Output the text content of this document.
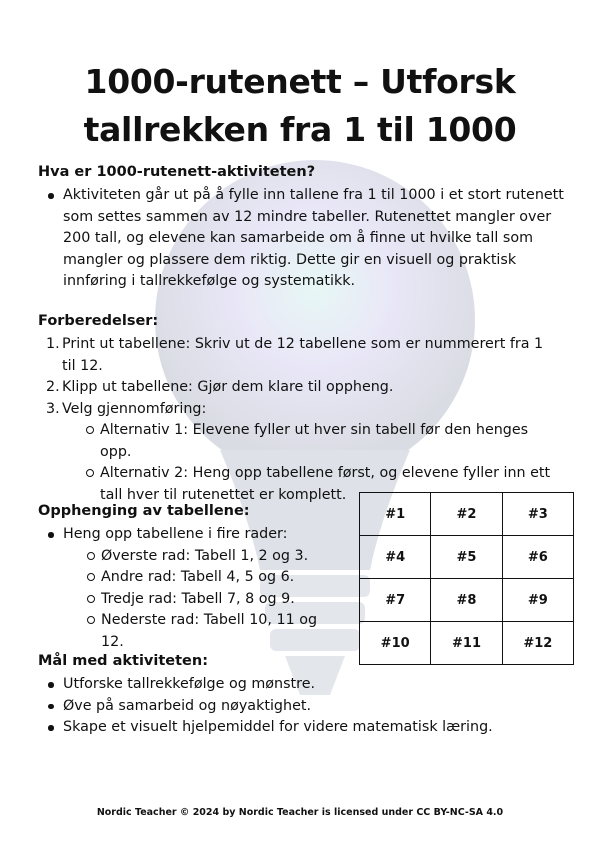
1000-rutenett – Utforsk
tallrekken fra 1 til 1000
Hva er 1000-rutenett-aktiviteten?
Aktiviteten går ut på å fylle inn tallene fra 1 til 1000 i et stort rutenett som settes sammen av 12 mindre tabeller. Rutenettet mangler over 200 tall, og elevene kan samarbeide om å finne ut hvilke tall som mangler og plassere dem riktig. Dette gir en visuell og praktisk innføring i tallrekkefølge og systematikk.
Forberedelser:
1. Print ut tabellene: Skriv ut de 12 tabellene som er nummerert fra 1 til 12.
2. Klipp ut tabellene: Gjør dem klare til oppheng.
3. Velg gjennomføring:
Alternativ 1: Elevene fyller ut hver sin tabell før den henges opp.
Alternativ 2: Heng opp tabellene først, og elevene fyller inn ett tall hver til rutenettet er komplett.
Opphenging av tabellene:
Heng opp tabellene i fire rader:
Øverste rad: Tabell 1, 2 og 3.
Andre rad: Tabell 4, 5 og 6.
Tredje rad: Tabell 7, 8 og 9.
Nederste rad: Tabell 10, 11 og 12.
#1	#2	#3
#4	#5	#6
#7	#8	#9
#10	#11	#12
Mål med aktiviteten:
Utforske tallrekkefølge og mønstre.
Øve på samarbeid og nøyaktighet.
Skape et visuelt hjelpemiddel for videre matematisk læring.
Nordic Teacher © 2024 by Nordic Teacher is licensed under CC BY-NC-SA 4.0
